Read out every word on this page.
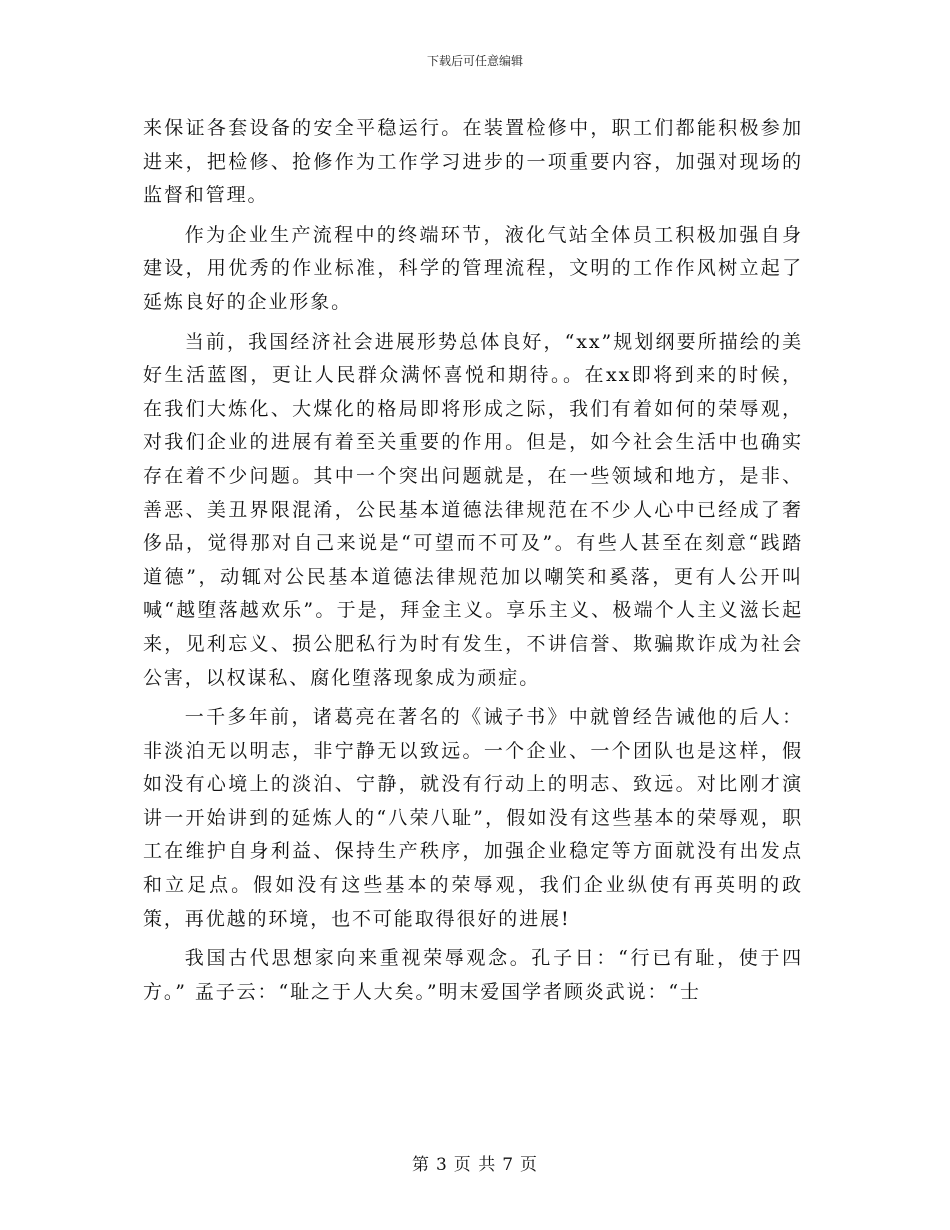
下载后可任意编辑

来保证各套设备的安全平稳运行。在装置检修中，职工们都能积极参加进来，把检修、抢修作为工作学习进步的一项重要内容，加强对现场的监督和管理。

作为企业生产流程中的终端环节，液化气站全体员工积极加强自身建设，用优秀的作业标准，科学的管理流程，文明的工作作风树立起了延炼良好的企业形象。

当前，我国经济社会进展形势总体良好，“xx”规划纲要所描绘的美好生活蓝图，更让人民群众满怀喜悦和期待。。在xx即将到来的时候，在我们大炼化、大煤化的格局即将形成之际，我们有着如何的荣辱观，对我们企业的进展有着至关重要的作用。但是，如今社会生活中也确实存在着不少问题。其中一个突出问题就是，在一些领域和地方，是非、善恶、美丑界限混淆，公民基本道德法律规范在不少人心中已经成了奢侈品，觉得那对自己来说是“可望而不可及”。有些人甚至在刻意“践踏道德”，动辄对公民基本道德法律规范加以嘲笑和奚落，更有人公开叫喊“越堕落越欢乐”。于是，拜金主义。享乐主义、极端个人主义滋长起来，见利忘义、损公肥私行为时有发生，不讲信誉、欺骗欺诈成为社会公害，以权谋私、腐化堕落现象成为顽症。

一千多年前，诸葛亮在著名的《诫子书》中就曾经告诫他的后人：非淡泊无以明志，非宁静无以致远。一个企业、一个团队也是这样，假如没有心境上的淡泊、宁静，就没有行动上的明志、致远。对比刚才演讲一开始讲到的延炼人的“八荣八耻”，假如没有这些基本的荣辱观，职工在维护自身利益、保持生产秩序，加强企业稳定等方面就没有出发点和立足点。假如没有这些基本的荣辱观，我们企业纵使有再英明的政策，再优越的环境，也不可能取得很好的进展!

我国古代思想家向来重视荣辱观念。孔子日：“行已有耻，使于四方。” 孟子云：“耻之于人大矣。”明末爱国学者顾炎武说：“士

第 3 页 共 7 页
